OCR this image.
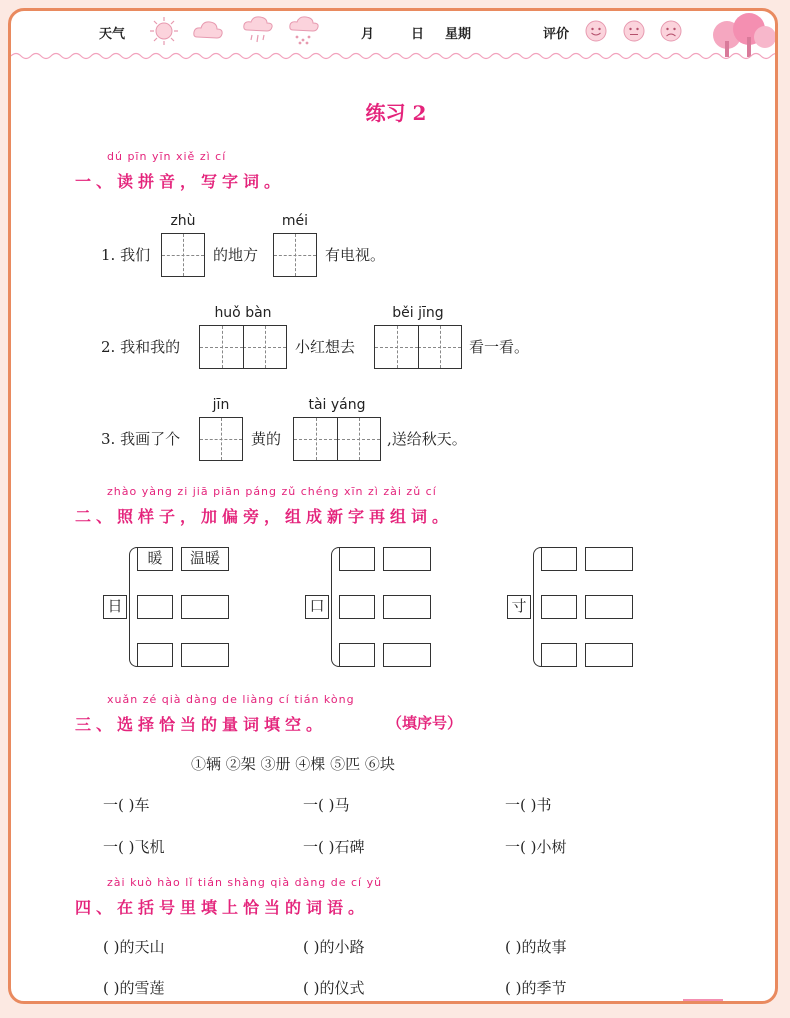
天气	月	日 星期	评价
练习 2
dú pīn yīn xiě zì cí
一、读拼音，写字词。
1. 我们
zhù
的地方
méi
有电视。
2. 我和我的
huǒ bàn
小红想去
běi jīng
看一看。
3. 我画了个
jīn
黄的
tài yáng
,送给秋天。
zhào yàng zi jiā piān páng zǔ chéng xīn zì zài zǔ cí
二、照样子，加偏旁，组成新字再组词。
日
暖	温暖
口	寸
xuǎn zé qià dàng de liàng cí tián kòng
三、选择恰当的量词填空。	（填序号）
①辆 ②架 ③册 ④棵 ⑤匹 ⑥块
一( )车	一( )马	一( )书
一( )飞机	一( )石碑	一( )小树
zài kuò hào lǐ tián shàng qià dàng de cí yǔ
四、在括号里填上恰当的词语。
( )的天山	( )的小路	( )的故事
( )的雪莲	( )的仪式	( )的季节
